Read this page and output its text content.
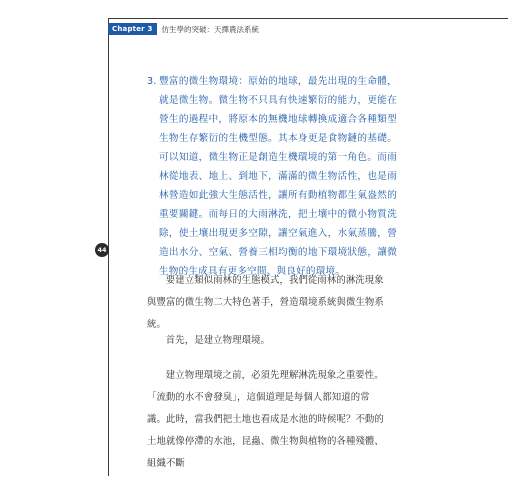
Chapter 3	仿生學的突破：天擇農法系統
44
3. 豐富的微生物環境：原始的地球，最先出現的生命體，就是微生物。微生物不只具有快速繁衍的能力，更能在營生的過程中，將原本的無機地球轉換成適合各種類型生物生存繁衍的生機型態。其本身更是食物鏈的基礎。可以知道，微生物正是創造生機環境的第一角色。而雨林從地表、地上、到地下，滿滿的微生物活性，也是雨林營造如此強大生態活性，讓所有動植物都生氣盎然的重要關鍵。而每日的大雨淋洗，把土壤中的微小物質洗除，使土壤出現更多空隙，讓空氣進入，水氣蒸騰，營造出水分、空氣、營養三相均衡的地下環境狀態，讓微生物的生成具有更多空間、與良好的環境。
要建立類似雨林的生態模式，我們從雨林的淋洗現象與豐富的微生物二大特色著手，營造環境系統與微生物系統。
首先，是建立物理環境。
建立物理環境之前，必須先理解淋洗現象之重要性。
「流動的水不會發臭」，這個道理是每個人都知道的常識。此時，當我們把土地也看成是水池的時候呢？不動的土地就像停滯的水池，昆蟲、微生物與植物的各種殘體、組織不斷
